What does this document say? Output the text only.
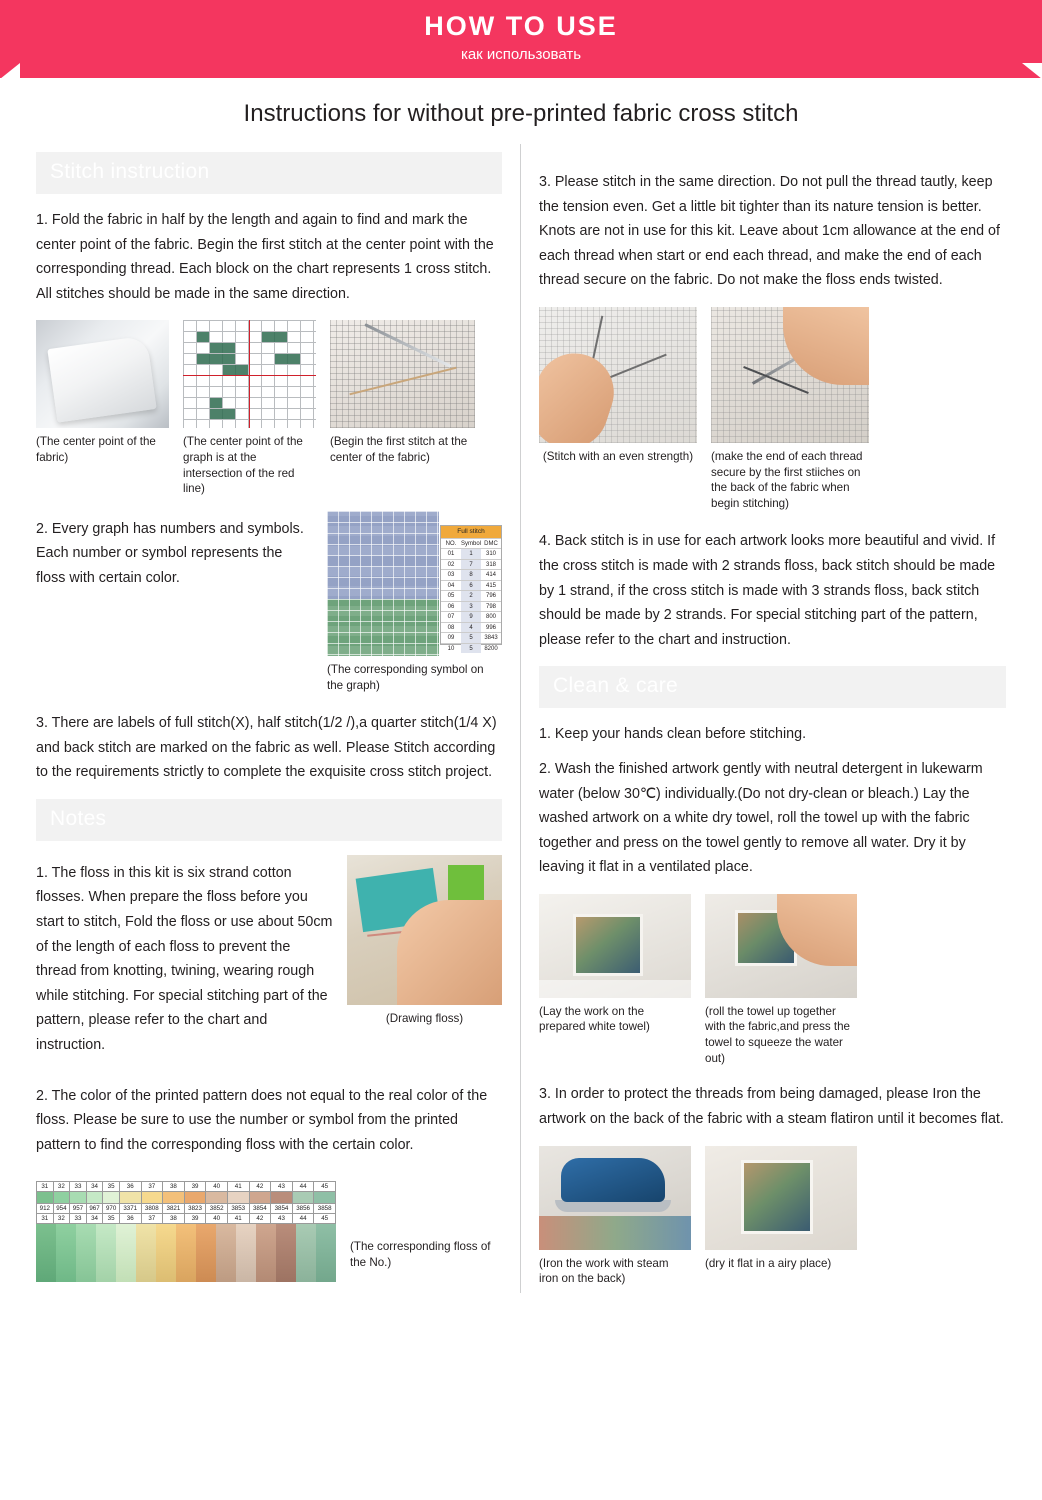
HOW TO USE
как использовать
Instructions for without pre-printed fabric cross stitch
Stitch instruction

1. Fold the fabric in half by the length and again to find and mark the center point of the fabric. Begin the first stitch at the center point with the corresponding thread. Each block on the chart represents 1 cross stitch. All stitches should be made in the same direction.

(The center point of the fabric)
(The center point of the graph is at the intersection of the red line)
(Begin the first stitch at the center of the fabric)

2. Every graph has numbers and symbols. Each number or symbol represents the floss with certain color.

Full stitch
NO. Symbol DMC
01	1	310
02	7	318
03	8	414
04	6	415
05	2	796
06	3	798
07	9	800
08	4	996
09	5	3843
10	5	8200
(The corresponding symbol on the graph)

3. There are labels of full stitch(X), half stitch(1/2 /),a quarter stitch(1/4 X) and back stitch are marked on the fabric as well. Please Stitch according to the requirements strictly to complete the exquisite cross stitch project.

Notes

1. The floss in this kit is six strand cotton flosses. When prepare the floss before you start to stitch, Fold the floss or use about 50cm of the length of each floss to prevent the thread from knotting, twining, wearing rough while stitching. For special stitching part of the pattern, please refer to the chart and instruction.

(Drawing floss)

2. The color of the printed pattern does not equal to the real color of the floss. Please be sure to use the number or symbol from the printed pattern to find the corresponding floss with the certain color.

31	32	33	34	35	36	37	38	39	40	41	42	43	44	45

912	954	957	967	970	3371	3808	3821	3823	3852	3853	3854	3854	3856	3858
31	32	33	34	35	36	37	38	39	40	41	42	43	44	45
(The corresponding floss of the No.)

3. Please stitch in the same direction. Do not pull the thread tautly, keep the tension even. Get a little bit tighter than its nature tension is better. Knots are not in use for this kit. Leave about 1cm allowance at the end of each thread when start or end each thread, and make the end of each thread secure on the fabric. Do not make the floss ends twisted.

(Stitch with an even strength)	(make the end of each thread secure by the first stiiches on the back of the fabric when begin stitching)

4. Back stitch is in use for each artwork looks more beautiful and vivid. If the cross stitch is made with 2 strands floss, back stitch should be made by 1 strand, if the cross stitch is made with 3 strands floss, back stitch should be made by 2 strands. For special stitching part of the pattern, please refer to the chart and instruction.

Clean & care

1. Keep your hands clean before stitching.

2. Wash the finished artwork gently with neutral detergent in lukewarm water (below 30℃) individually.(Do not dry-clean or bleach.) Lay the washed artwork on a white dry towel, roll the towel up with the fabric together and press on the towel gently to remove all water. Dry it by leaving it flat in a ventilated place.

(Lay the work on the prepared white towel)
(roll the towel up together with the fabric,and press the towel to squeeze the water out)

3. In order to protect the threads from being damaged, please Iron the artwork on the back of the fabric with a steam flatiron until it becomes flat.

(Iron the work with steam iron on the back)
(dry it flat in a airy place)
